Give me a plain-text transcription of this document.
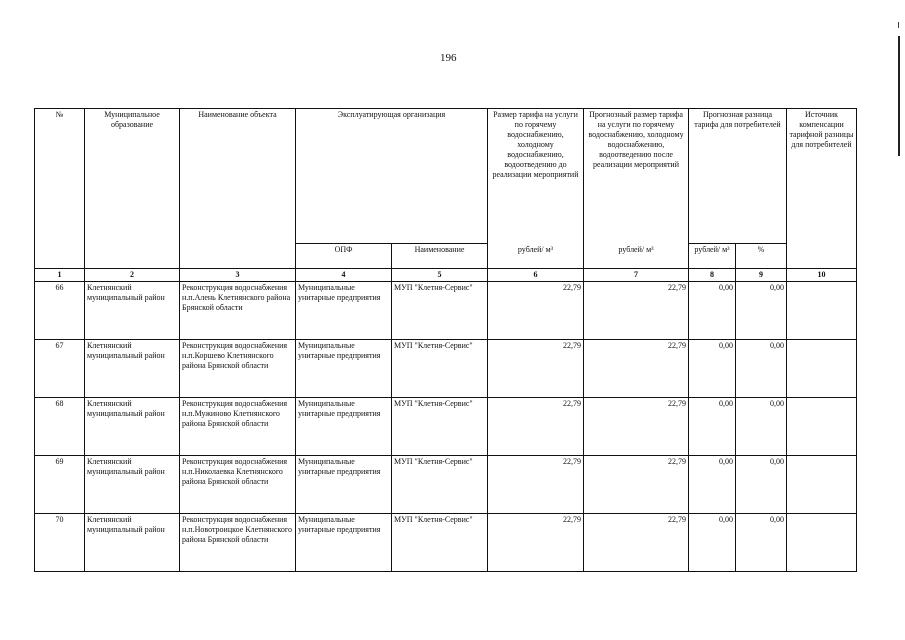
196
№	Муниципальное образование	Наименование объекта	Эксплуатирующая организация		Размер тарифа на услуги по горячему водоснабжению, холодному водоснабжению, водоотведению до реализации мероприятий	Прогнозный размер тарифа на услуги по горячему водоснабжению, холодному водоснабжению, водоотведению после реализации мероприятий	Прогнозная разница тарифа для потребителей		Источник компенсации тарифной разницы для потребителей
			ОПФ	Наименование	рублей/ м³	рублей/ м³	рублей/ м³	%	
1	2	3	4	5	6	7	8	9	10
66	Клетнянский муниципальный район	Реконструкция водоснабжения н.п.Алень Клетнянского района Брянской области	Муниципальные унитарные предприятия	МУП "Клетня-Сервис"	22,79	22,79	0,00	0,00	
67	Клетнянский муниципальный район	Реконструкция водоснабжения н.п.Коршево Клетнянского района Брянской области	Муниципальные унитарные предприятия	МУП "Клетня-Сервис"	22,79	22,79	0,00	0,00	
68	Клетнянский муниципальный район	Реконструкция водоснабжения н.п.Мужиново Клетнянского района Брянской области	Муниципальные унитарные предприятия	МУП "Клетня-Сервис"	22,79	22,79	0,00	0,00	
69	Клетнянский муниципальный район	Реконструкция водоснабжения н.п.Николаевка Клетнянского района Брянской области	Муниципальные унитарные предприятия	МУП "Клетня-Сервис"	22,79	22,79	0,00	0,00	
70	Клетнянский муниципальный район	Реконструкция водоснабжения н.п.Новотроицкое Клетнянского района Брянской области	Муниципальные унитарные предприятия	МУП "Клетня-Сервис"	22,79	22,79	0,00	0,00	
